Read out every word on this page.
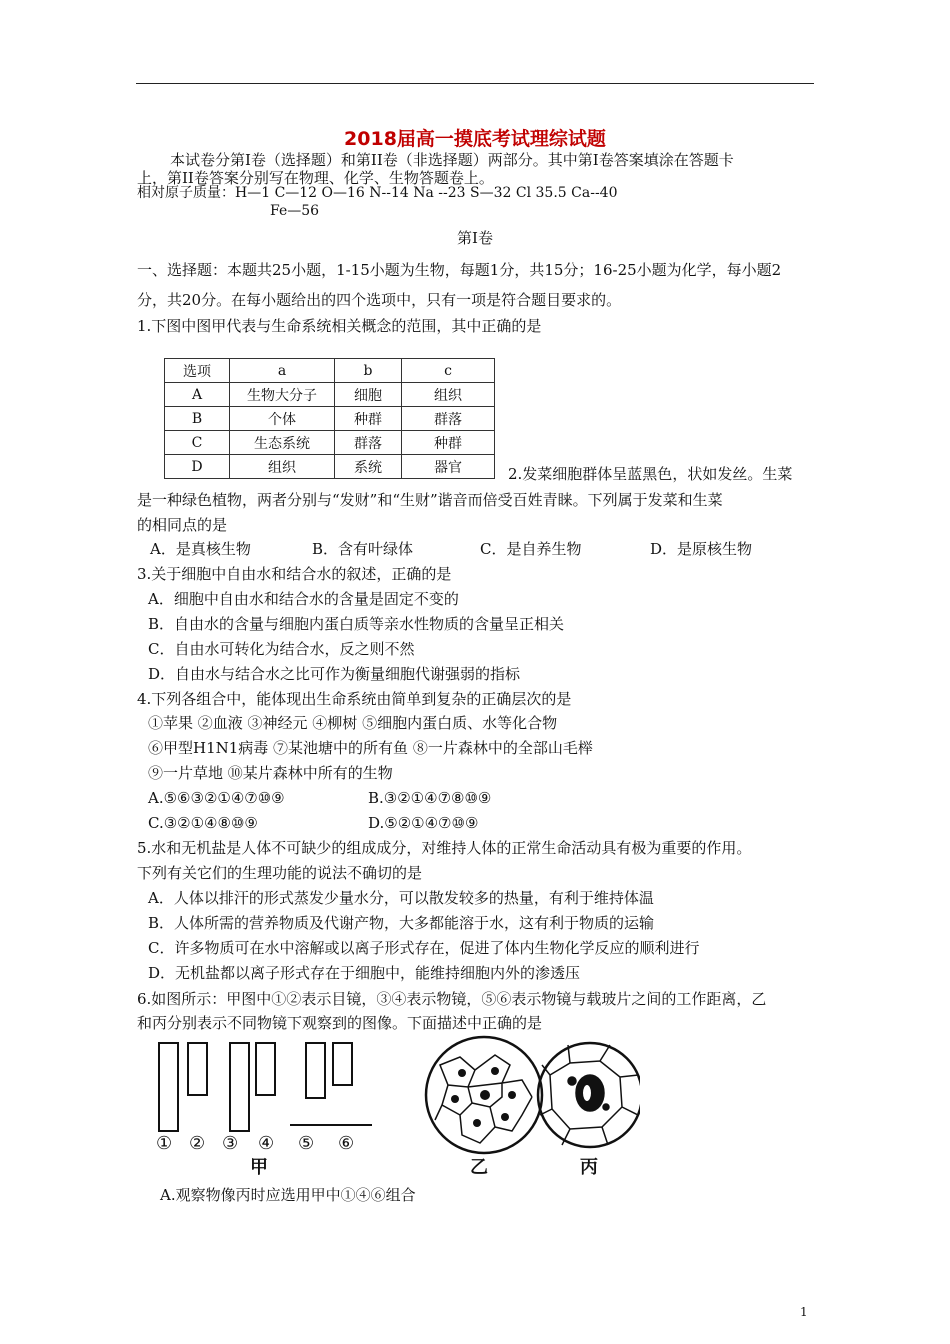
2018届高一摸底考试理综试题
本试卷分第Ⅰ卷（选择题）和第II卷（非选择题）两部分。其中第Ⅰ卷答案填涂在答题卡
上，第II卷答案分别写在物理、化学、生物答题卷上。
相对原子质量：H—1 C—12 O—16 N--14 Na --23 S—32 Cl 35.5 Ca--40
Fe—56
第Ⅰ卷
一、选择题：本题共25小题，1-15小题为生物，每题1分，共15分；16-25小题为化学，每小题2
分，共20分。在每小题给出的四个选项中，只有一项是符合题目要求的。
1.下图中图甲代表与生命系统相关概念的范围，其中正确的是
选项	a	b	c
A	生物大分子	细胞	组织
B	个体	种群	群落
C	生态系统	群落	种群
D	组织	系统	器官	2.发菜细胞群体呈蓝黑色，状如发丝。生菜
是一种绿色植物，两者分别与“发财”和“生财”谐音而倍受百姓青睐。下列属于发菜和生菜
的相同点的是
A．是真核生物	B．含有叶绿体	C．是自养生物	D．是原核生物
3.关于细胞中自由水和结合水的叙述，正确的是
A．细胞中自由水和结合水的含量是固定不变的
B．自由水的含量与细胞内蛋白质等亲水性物质的含量呈正相关
C．自由水可转化为结合水，反之则不然
D．自由水与结合水之比可作为衡量细胞代谢强弱的指标
4.下列各组合中，能体现出生命系统由简单到复杂的正确层次的是
①苹果 ②血液 ③神经元 ④柳树 ⑤细胞内蛋白质、水等化合物
⑥甲型H1N1病毒 ⑦某池塘中的所有鱼 ⑧一片森林中的全部山毛榉
⑨一片草地 ⑩某片森林中所有的生物
A.⑤⑥③②①④⑦⑩⑨	B.③②①④⑦⑧⑩⑨
C.③②①④⑧⑩⑨	D.⑤②①④⑦⑩⑨
5.水和无机盐是人体不可缺少的组成成分，对维持人体的正常生命活动具有极为重要的作用。
下列有关它们的生理功能的说法不确切的是
A．人体以排汗的形式蒸发少量水分，可以散发较多的热量，有利于维持体温
B．人体所需的营养物质及代谢产物，大多都能溶于水，这有利于物质的运输
C．许多物质可在水中溶解或以离子形式存在，促进了体内生物化学反应的顺利进行
D．无机盐都以离子形式存在于细胞中，能维持细胞内外的渗透压
6.如图所示：甲图中①②表示目镜，③④表示物镜，⑤⑥表示物镜与载玻片之间的工作距离，乙
和丙分别表示不同物镜下观察到的图像。下面描述中正确的是
① ② ③ ④ ⑤ ⑥
甲	乙	丙
A.观察物像丙时应选用甲中①④⑥组合
1
